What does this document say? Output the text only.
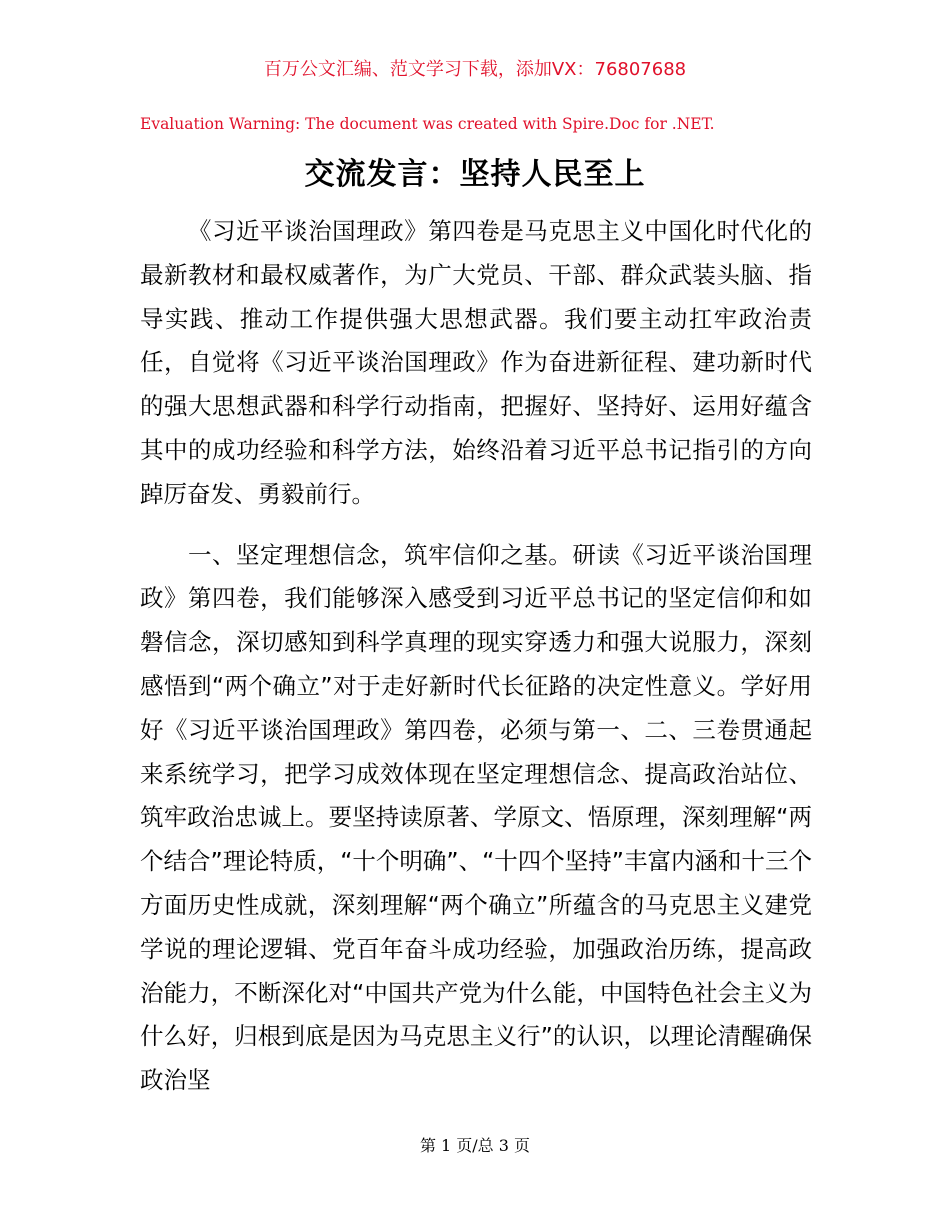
百万公文汇编、范文学习下载，添加VX：76807688
Evaluation Warning: The document was created with Spire.Doc for .NET.
交流发言：坚持人民至上

《习近平谈治国理政》第四卷是马克思主义中国化时代化的最新教材和最权威著作，为广大党员、干部、群众武装头脑、指导实践、推动工作提供强大思想武器。我们要主动扛牢政治责任，自觉将《习近平谈治国理政》作为奋进新征程、建功新时代的强大思想武器和科学行动指南，把握好、坚持好、运用好蕴含其中的成功经验和科学方法，始终沿着习近平总书记指引的方向踔厉奋发、勇毅前行。

一、坚定理想信念，筑牢信仰之基。研读《习近平谈治国理政》第四卷，我们能够深入感受到习近平总书记的坚定信仰和如磐信念，深切感知到科学真理的现实穿透力和强大说服力，深刻感悟到“两个确立”对于走好新时代长征路的决定性意义。学好用好《习近平谈治国理政》第四卷，必须与第一、二、三卷贯通起来系统学习，把学习成效体现在坚定理想信念、提高政治站位、筑牢政治忠诚上。要坚持读原著、学原文、悟原理，深刻理解“两个结合”理论特质，“十个明确”、“十四个坚持”丰富内涵和十三个方面历史性成就，深刻理解“两个确立”所蕴含的马克思主义建党学说的理论逻辑、党百年奋斗成功经验，加强政治历练，提高政治能力，不断深化对“中国共产党为什么能，中国特色社会主义为什么好，归根到底是因为马克思主义行”的认识，以理论清醒确保政治坚

第 1 页/总 3 页
